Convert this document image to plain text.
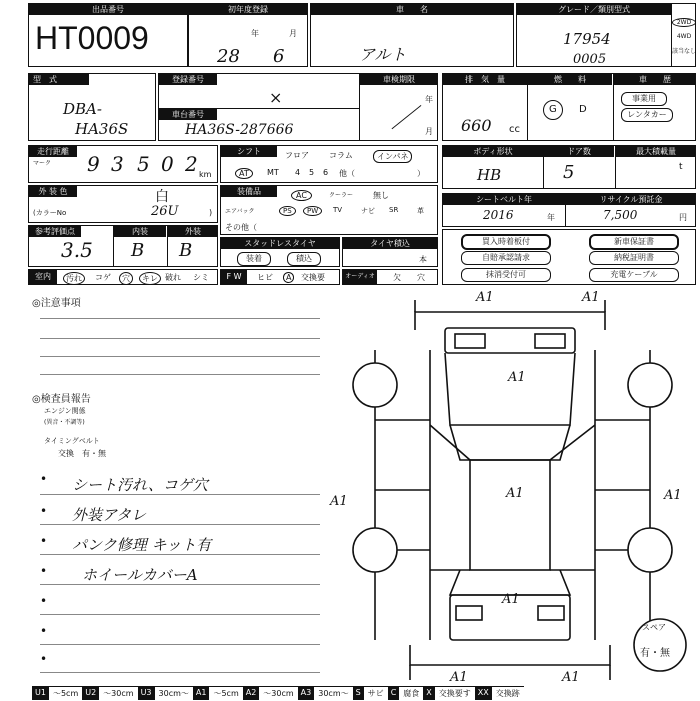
出品番号
HT0009
初年度登録
年	月
28 6
車　　名
アルト
グレード／類別型式
17954
0005
2WD
4WD
該当なし
型　式
DBA-
HA36S
登録番号
×
車台番号
HA36S-287666
車検期限
年
月
／
排　気　量
660 cc
燃　　料
G D
車　　歴
事業用
レンタカー
走行距離
マーク 9 3 5 0 2 km
シフト	フロア	コラム	インパネ
AT	MT 4 5 6 他（	）
ボディ形状
HB
ドア数
5
最大積載量
t
外 装 色	白
(カラーNo	26U	)
装備品	AC	クーラー 無し
エアバック	PS	PW	TV	ナビ SR	革
その他（
シートベルト年
2016	年
リサイクル預託金
7,500	円
参考評価点
3.5
内装
B
外装
B	スタッドレスタイヤ
装着	積込
タイヤ積込
本
買入時着板付	新車保証書
自賠承認請求	納税証明書
抹消受付可	充電ケーブル
室内	汚れ	コゲ	穴	キレ 破れ シミ	F W	ヒビ	A	交換要	オーディオ 欠 穴
◎注意事項
◎検査員報告
エンジン関係
(異音・不調等)
タイミングベルト
交換　有・無
•
•
•
•
•
•
•
シート汚れ、コゲ穴
外装アタレ
パンク修理 キット有
ホイールカバーA
A1	A1
A1
A1
A1	A1
A1
A1	A1
スペア
有・無
U1 〜5cm U2 〜30cm U3 30cm〜 A1 〜5cm A2 〜30cm A3 30cm〜 S サビ C 腐食 X 交換要す XX 交換跡
